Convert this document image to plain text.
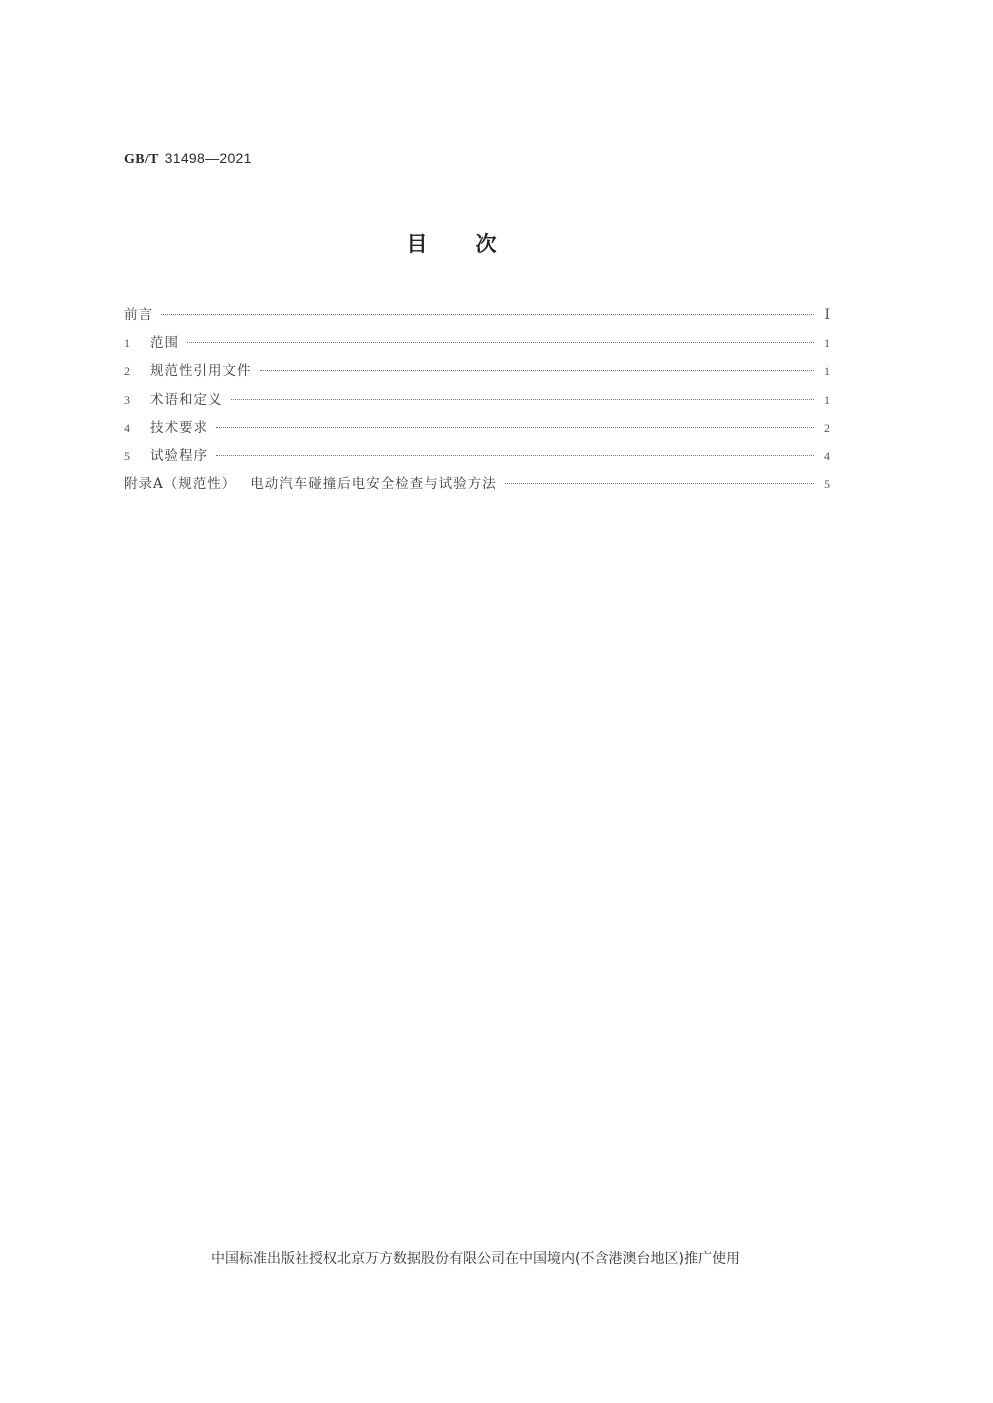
GB/T 31498—2021
目次
前言	Ⅰ
1	范围	1
2	规范性引用文件	1
3	术语和定义	1
4	技术要求	2
5	试验程序	4
附录A（规范性） 电动汽车碰撞后电安全检查与试验方法	5
中国标准出版社授权北京万方数据股份有限公司在中国境内(不含港澳台地区)推广使用
